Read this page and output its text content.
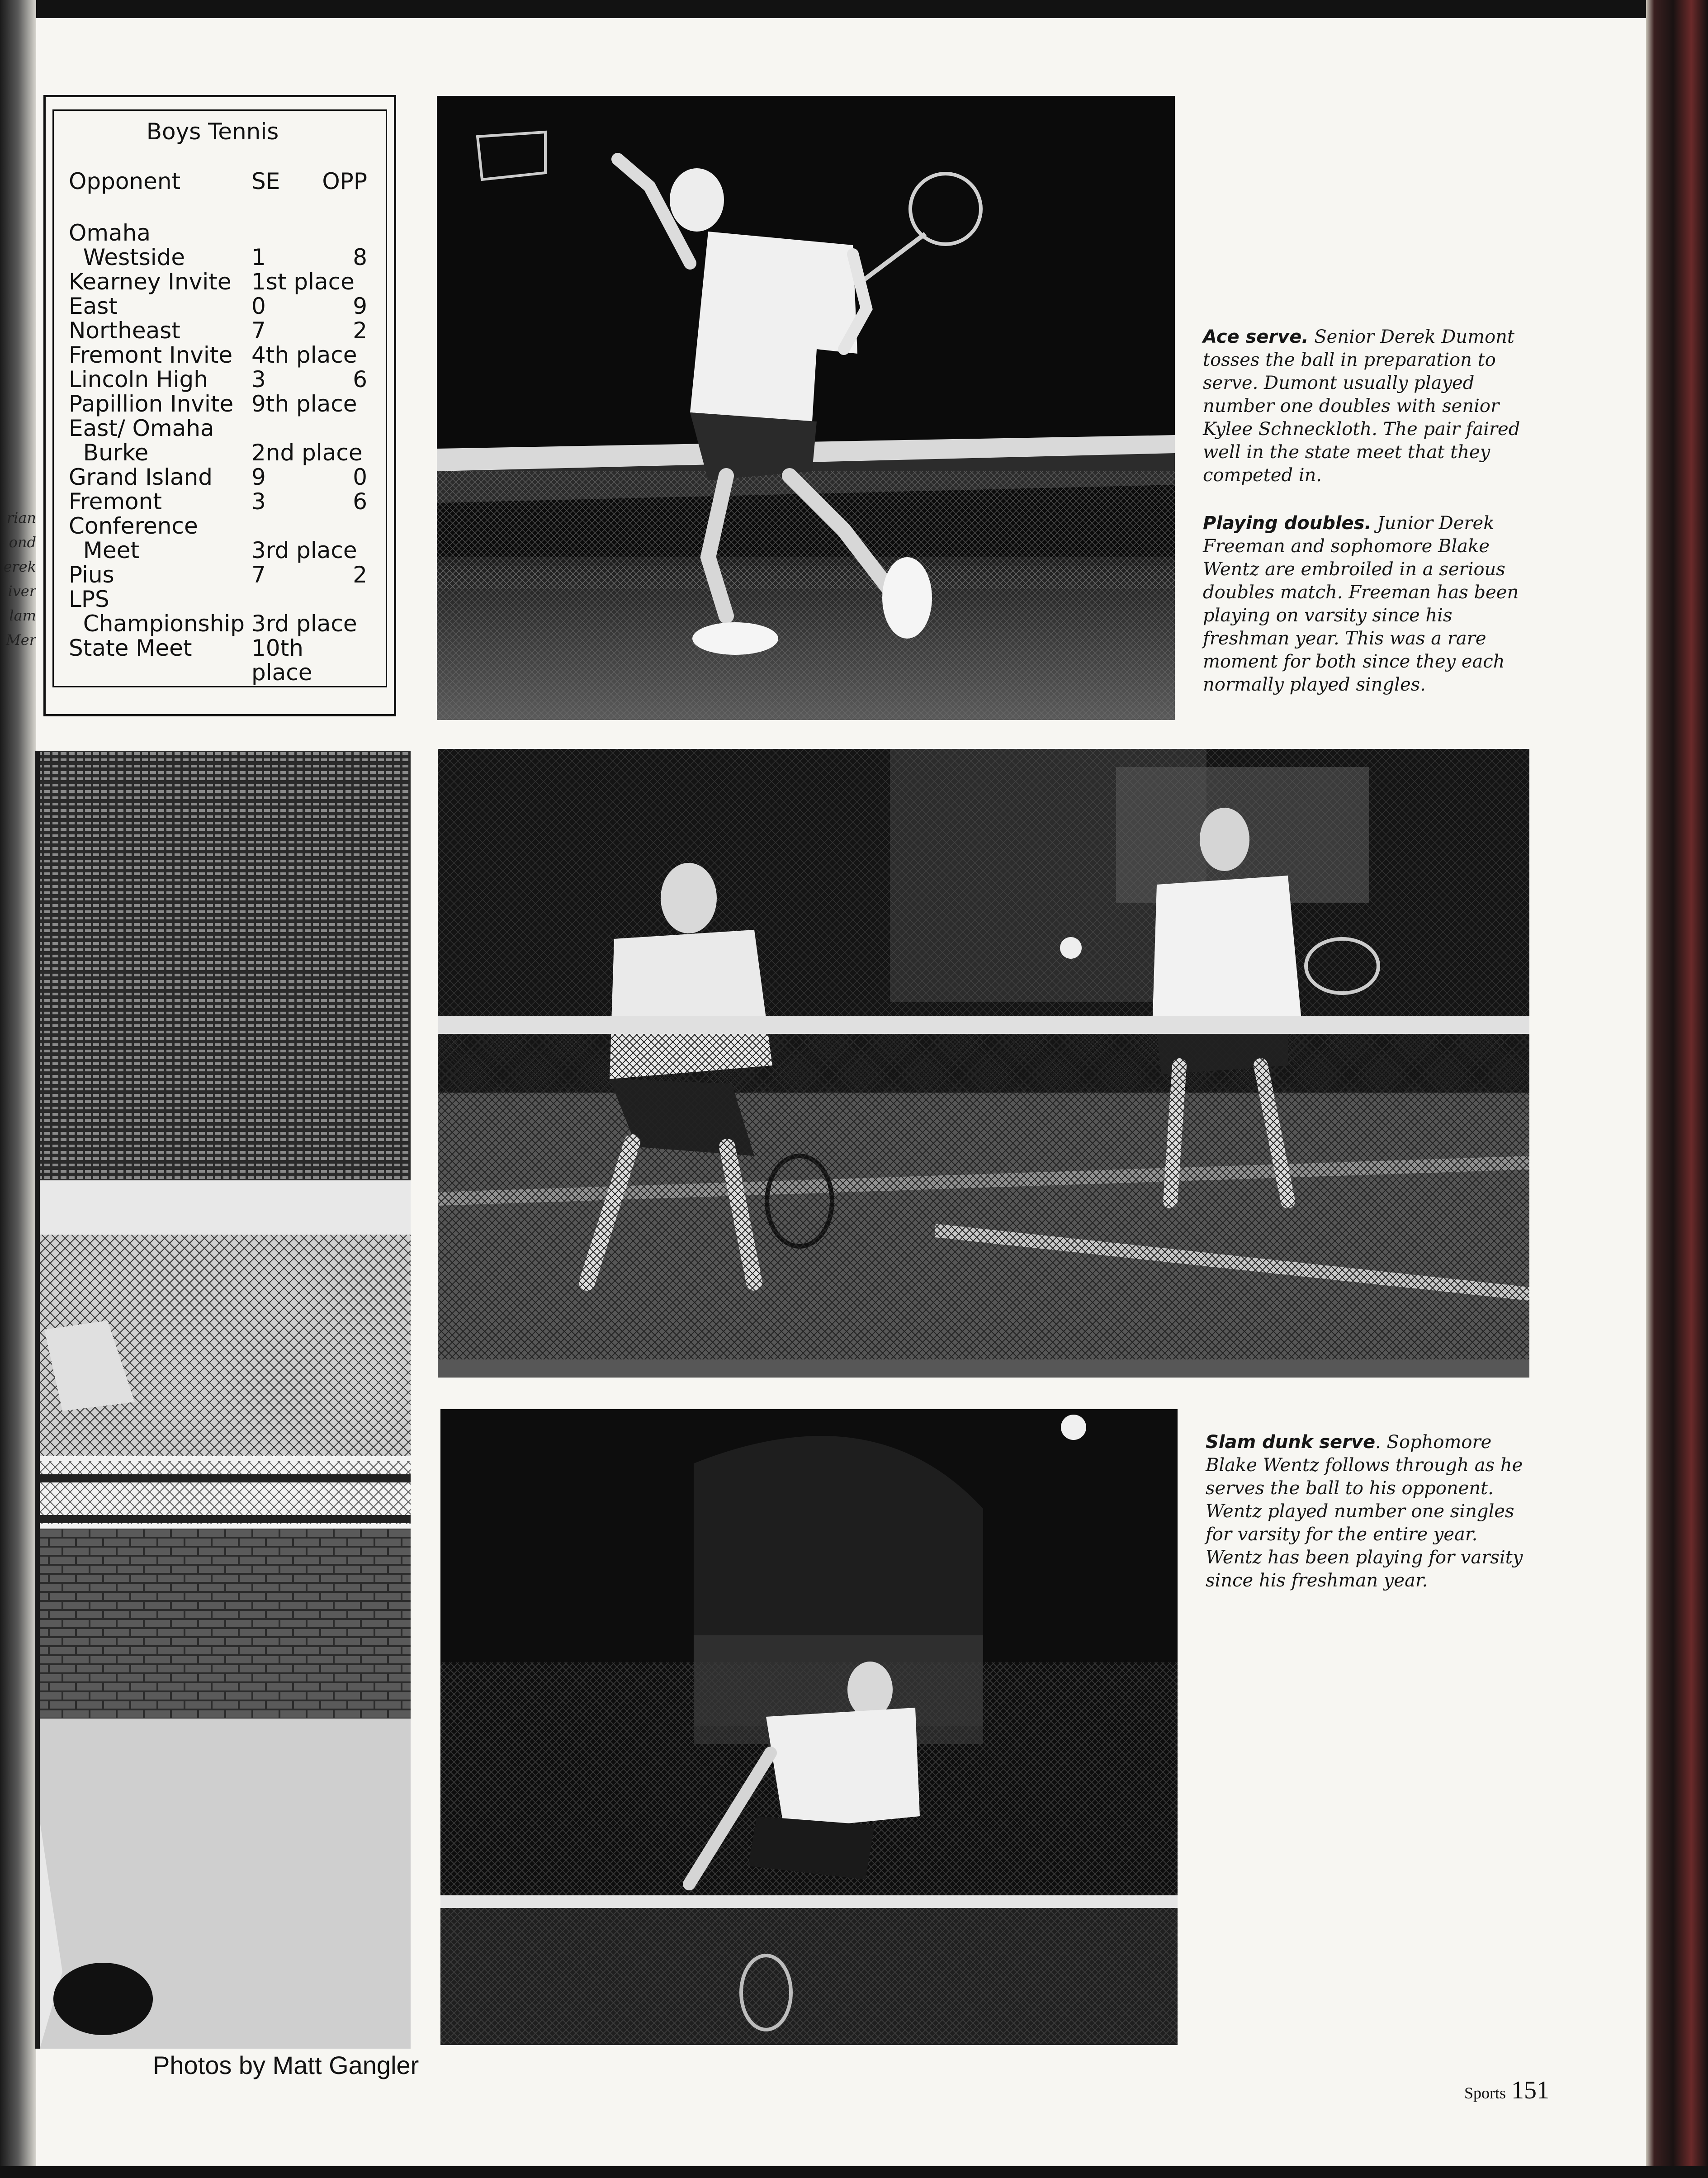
rian
ond
erek
iver
lam
Mer
Boys Tennis
Opponent	SE OPP
Omaha
Westside	1	8
Kearney Invite 1st place
East	0	9
Northeast	7	2
Fremont Invite 4th place
Lincoln High 3	6
Papillion Invite 9th place
East/ Omaha
Burke	2nd place
Grand Island 9	0
Fremont	3	6
Conference
Meet	3rd place
Pius	7	2
LPS
Championship 3rd place
State Meet	10th place
Ace serve. Senior Derek Dumont tosses the ball in preparation to serve. Dumont usually played number one doubles with senior Kylee Schneckloth. The pair faired well in the state meet that they competed in.
Playing doubles. Junior Derek Freeman and sophomore Blake Wentz are embroiled in a serious doubles match. Freeman has been playing on varsity since his freshman year. This was a rare moment for both since they each normally played singles.
Slam dunk serve. Sophomore Blake Wentz follows through as he serves the ball to his opponent. Wentz played number one singles for varsity for the entire year. Wentz has been playing for varsity since his freshman year.
Photos by Matt Gangler
Sports 151
